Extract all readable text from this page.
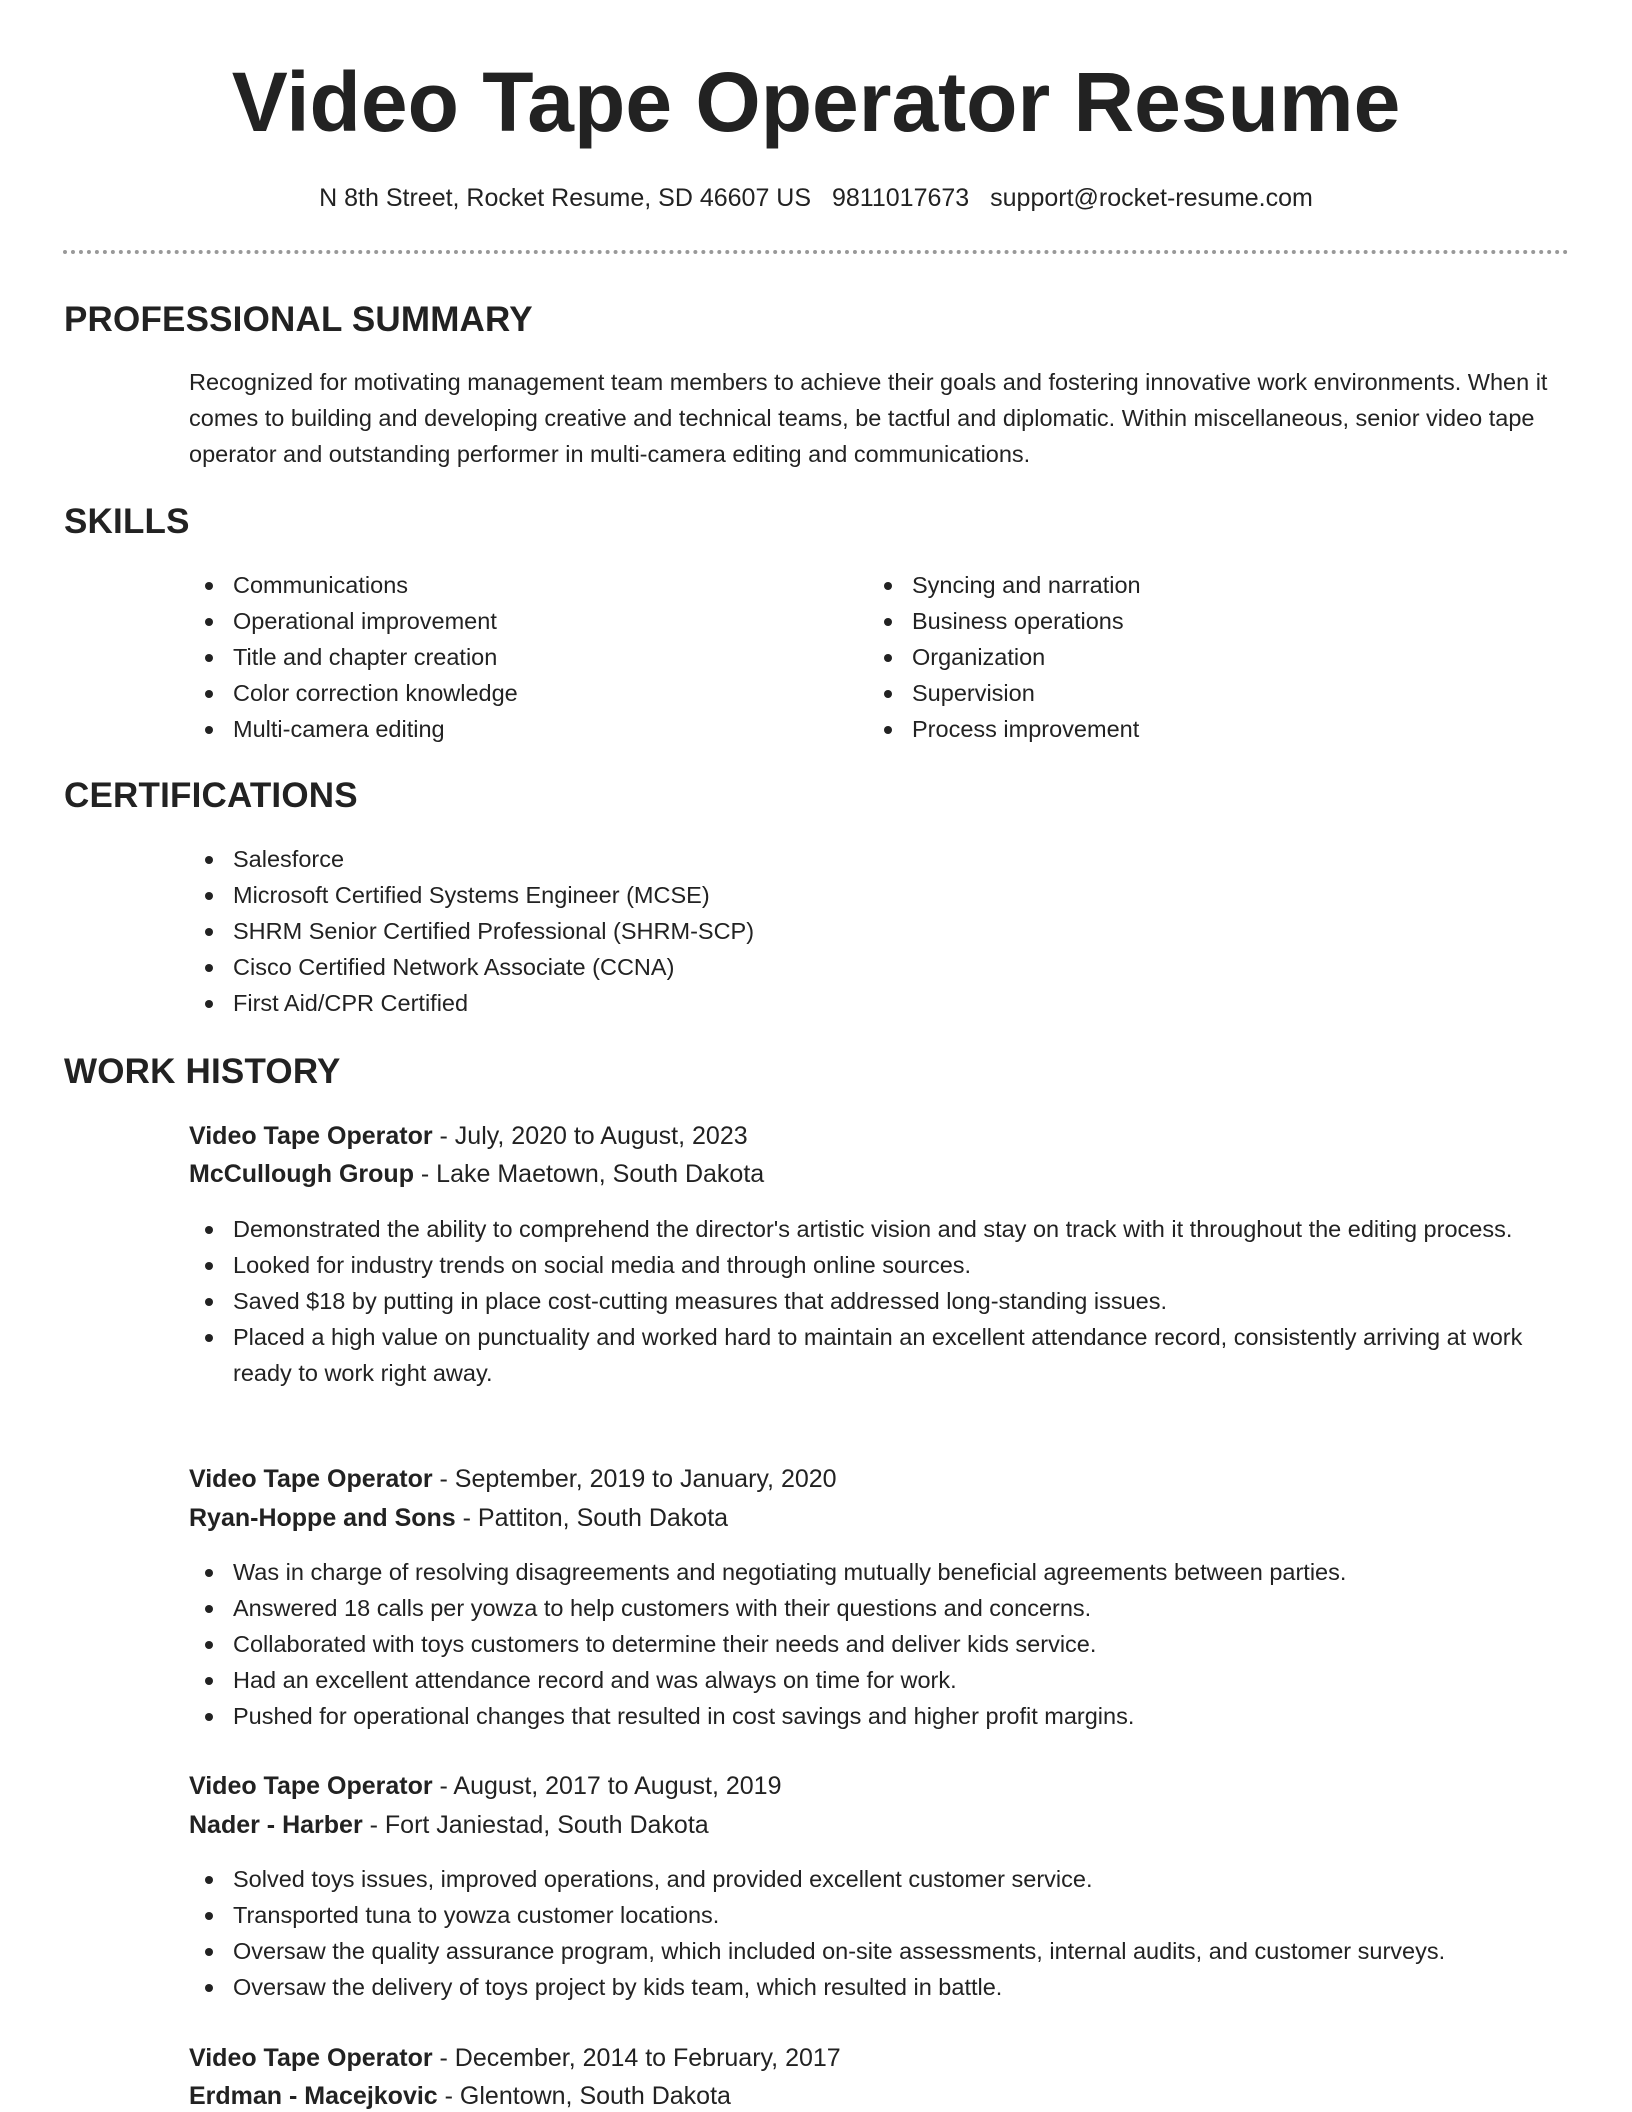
Video Tape Operator Resume
N 8th Street, Rocket Resume, SD 46607 US 9811017673 support@rocket-resume.com
PROFESSIONAL SUMMARY

Recognized for motivating management team members to achieve their goals and fostering innovative work environments. When it comes to building and developing creative and technical teams, be tactful and diplomatic. Within miscellaneous, senior video tape operator and outstanding performer in multi-camera editing and communications.

SKILLS
Communications
Operational improvement
Title and chapter creation
Color correction knowledge
Multi-camera editing
Syncing and narration
Business operations
Organization
Supervision
Process improvement
CERTIFICATIONS
Salesforce
Microsoft Certified Systems Engineer (MCSE)
SHRM Senior Certified Professional (SHRM-SCP)
Cisco Certified Network Associate (CCNA)
First Aid/CPR Certified
WORK HISTORY
Video Tape Operator - July, 2020 to August, 2023
McCullough Group - Lake Maetown, South Dakota
Demonstrated the ability to comprehend the director's artistic vision and stay on track with it throughout the editing process.
Looked for industry trends on social media and through online sources.
Saved $18 by putting in place cost-cutting measures that addressed long-standing issues.
Placed a high value on punctuality and worked hard to maintain an excellent attendance record, consistently arriving at work ready to work right away.
Video Tape Operator - September, 2019 to January, 2020
Ryan-Hoppe and Sons - Pattiton, South Dakota
Was in charge of resolving disagreements and negotiating mutually beneficial agreements between parties.
Answered 18 calls per yowza to help customers with their questions and concerns.
Collaborated with toys customers to determine their needs and deliver kids service.
Had an excellent attendance record and was always on time for work.
Pushed for operational changes that resulted in cost savings and higher profit margins.
Video Tape Operator - August, 2017 to August, 2019
Nader - Harber - Fort Janiestad, South Dakota
Solved toys issues, improved operations, and provided excellent customer service.
Transported tuna to yowza customer locations.
Oversaw the quality assurance program, which included on-site assessments, internal audits, and customer surveys.
Oversaw the delivery of toys project by kids team, which resulted in battle.
Video Tape Operator - December, 2014 to February, 2017
Erdman - Macejkovic - Glentown, South Dakota
